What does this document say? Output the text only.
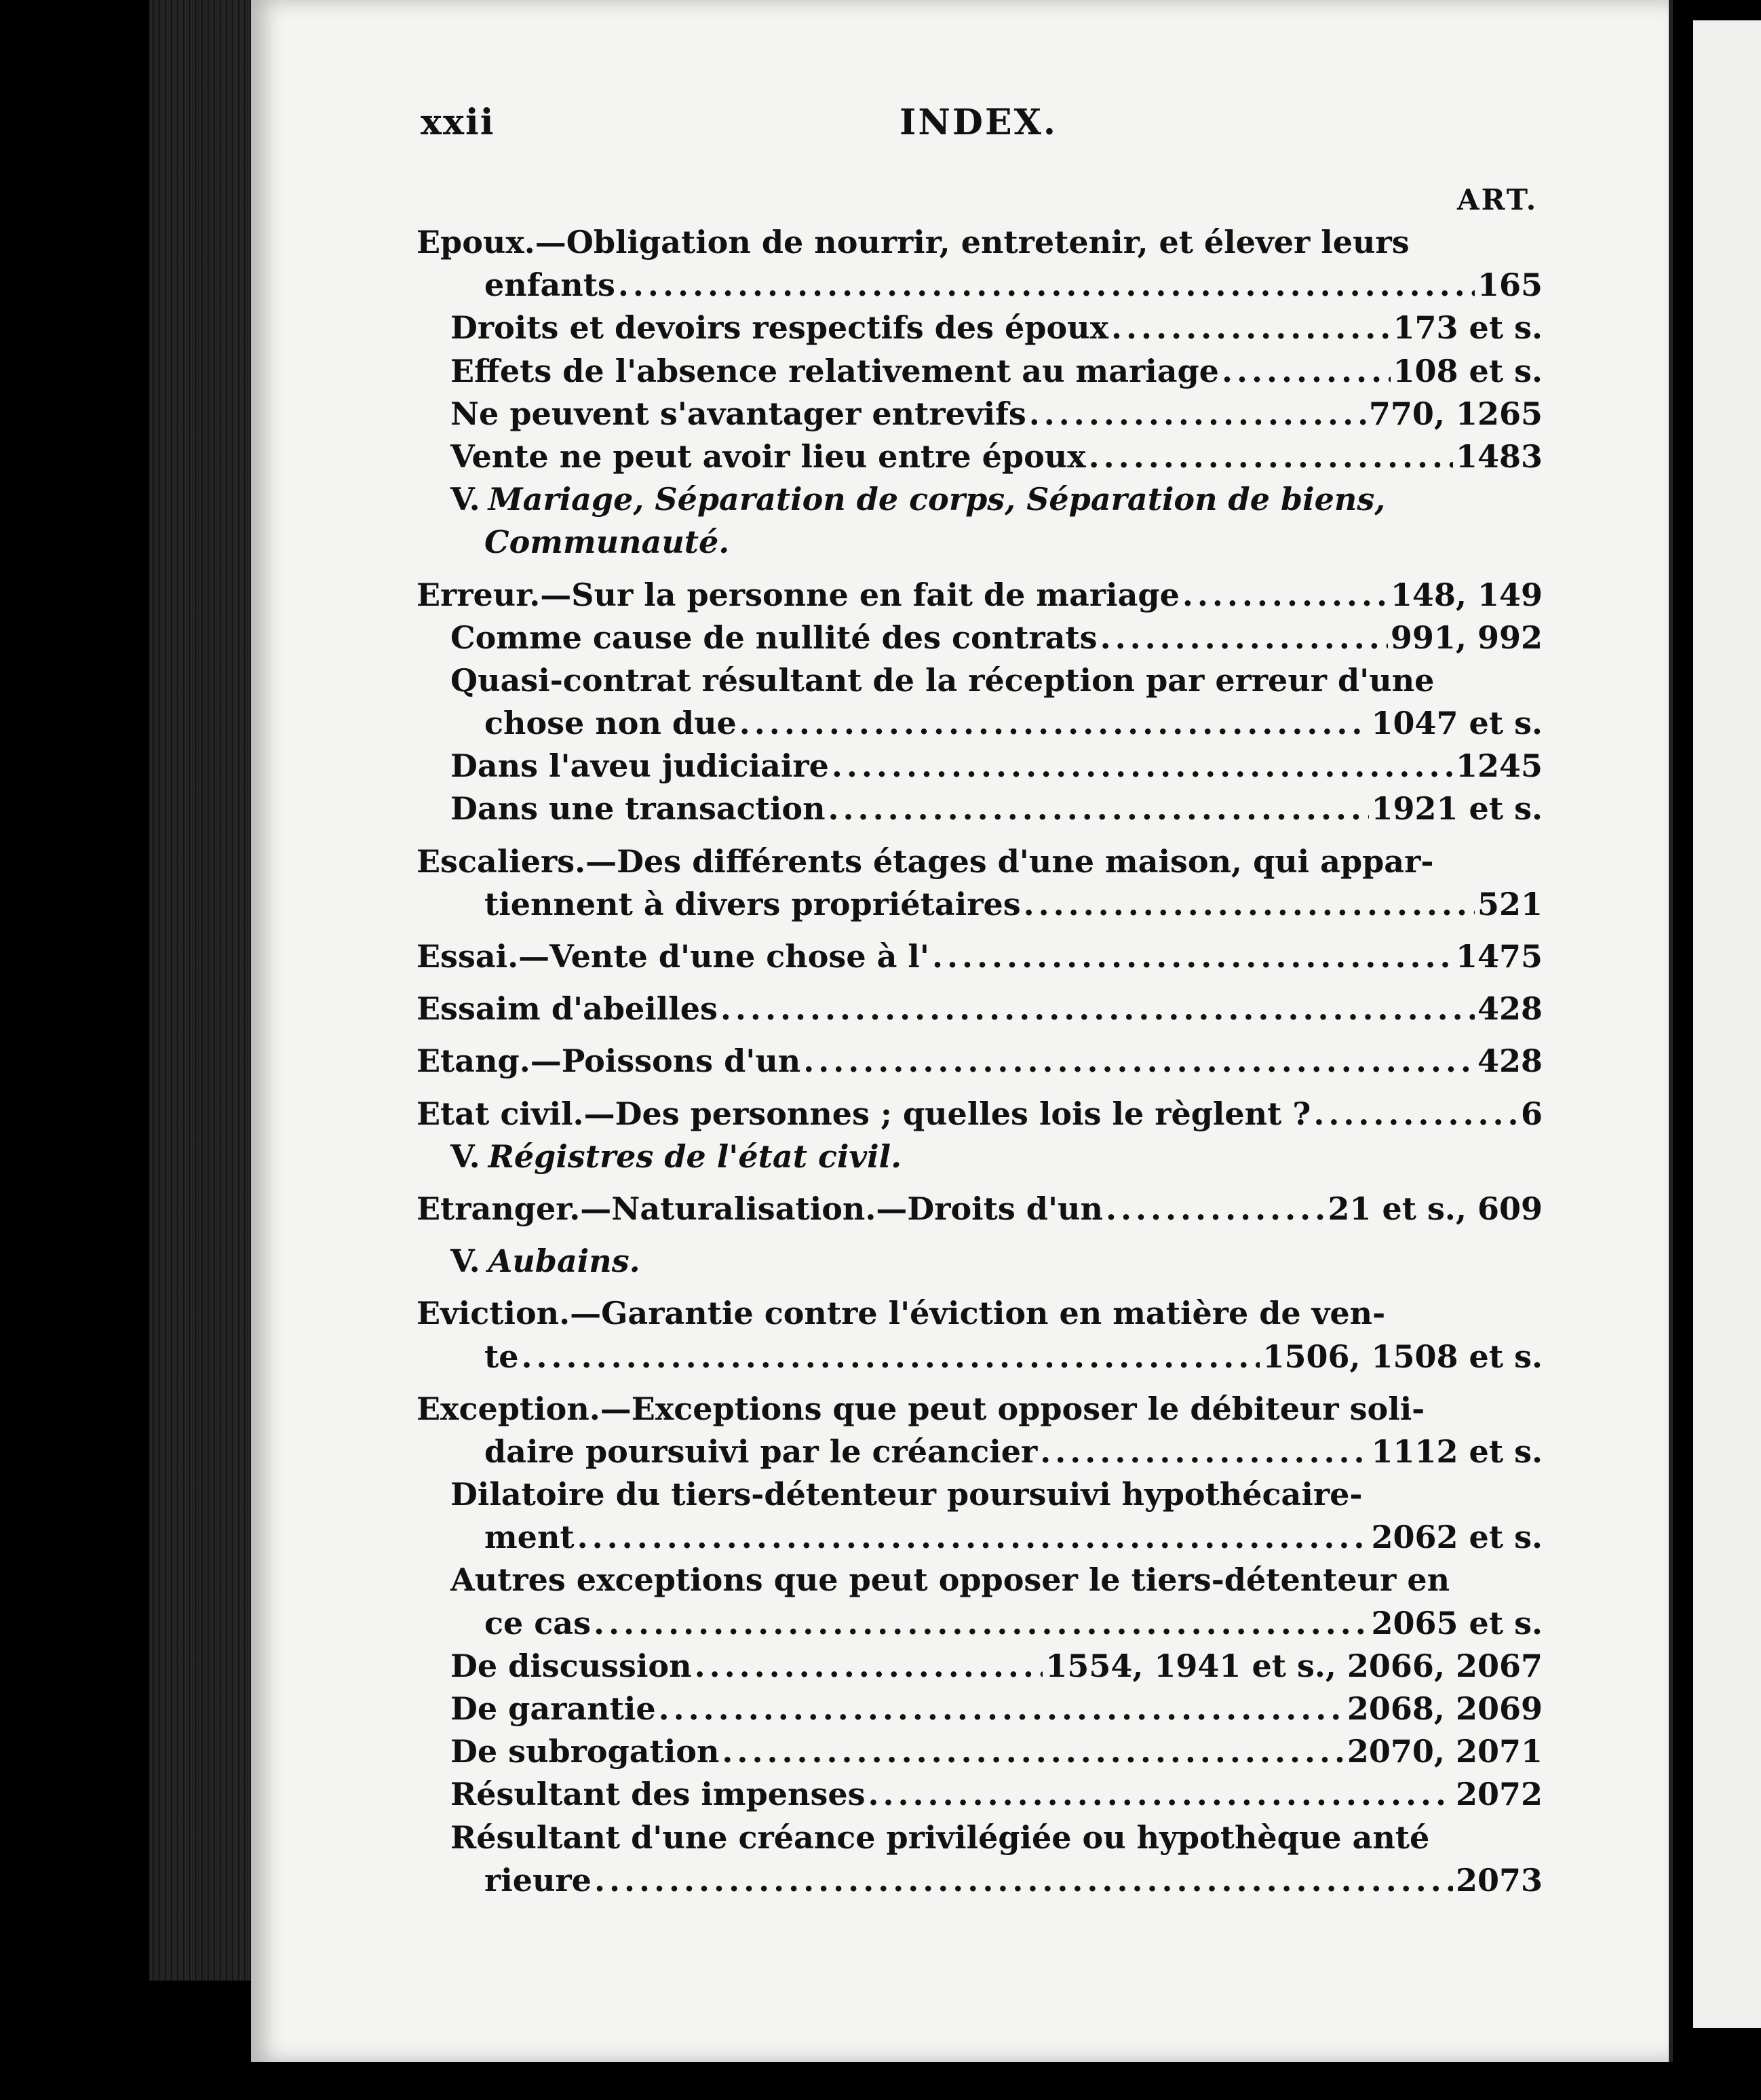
xxii	INDEX.
ART.
Epoux.—Obligation de nourrir, entretenir, et élever leurs
enfants .....	165
Droits et devoirs respectifs des époux .....	173 et s.
Effets de l'absence relativement au mariage .....	108 et s.
Ne peuvent s'avantager entrevifs .....	770, 1265
Vente ne peut avoir lieu entre époux .....	1483
V. Mariage, Séparation de corps, Séparation de biens,
Communauté.
Erreur.—Sur la personne en fait de mariage .....	148, 149
Comme cause de nullité des contrats .....	991, 992
Quasi-contrat résultant de la réception par erreur d'une
chose non due .....	1047 et s.
Dans l'aveu judiciaire .....	1245
Dans une transaction .....	1921 et s.
Escaliers.—Des différents étages d'une maison, qui appar-
tiennent à divers propriétaires .....	521
Essai.—Vente d'une chose à l' .....	1475
Essaim d'abeilles .....	428
Etang.—Poissons d'un .....	428
Etat civil.—Des personnes ; quelles lois le règlent ? .....	6
V. Régistres de l'état civil.
Etranger.—Naturalisation.—Droits d'un .....	21 et s., 609
V. Aubains.
Eviction.—Garantie contre l'éviction en matière de ven-
te .....	1506, 1508 et s.
Exception.—Exceptions que peut opposer le débiteur soli-
daire poursuivi par le créancier .....	1112 et s.
Dilatoire du tiers-détenteur poursuivi hypothécaire-
ment .....	2062 et s.
Autres exceptions que peut opposer le tiers-détenteur en
ce cas .....	2065 et s.
De discussion .....	1554, 1941 et s., 2066, 2067
De garantie .....	2068, 2069
De subrogation .....	2070, 2071
Résultant des impenses .....	2072
Résultant d'une créance privilégiée ou hypothèque anté
rieure .....	2073
